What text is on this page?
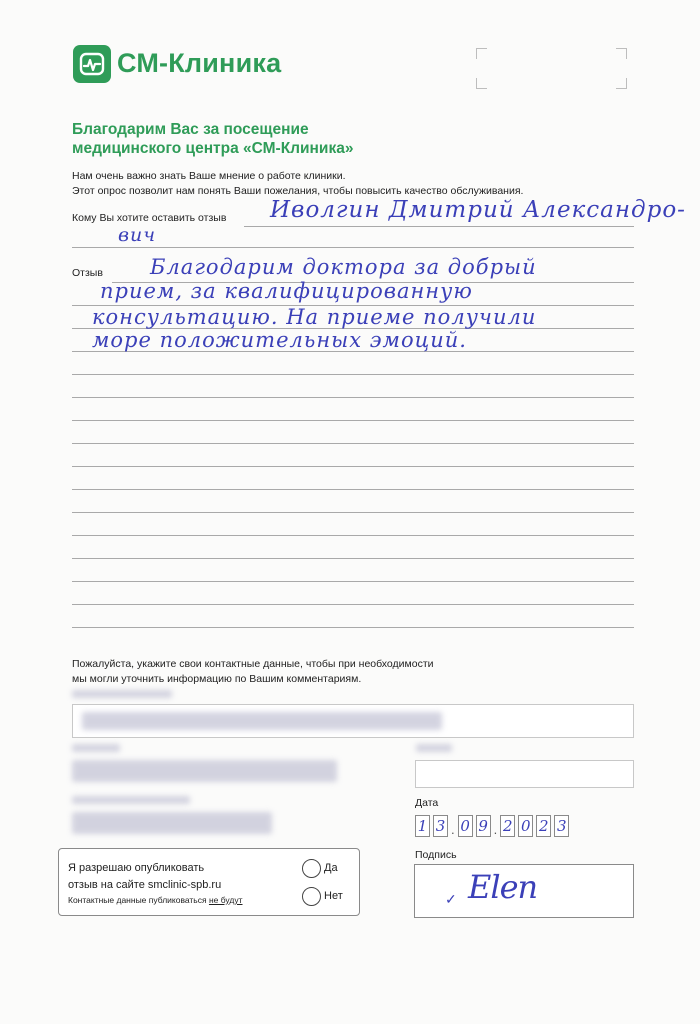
СМ-Клиника
Благодарим Вас за посещение
медицинского центра «СМ-Клиника»
Нам очень важно знать Ваше мнение о работе клиники.
Этот опрос позволит нам понять Ваши пожелания, чтобы повысить качество обслуживания.
Кому Вы хотите оставить отзыв Иволгин Дмитрий Александро-
вич
Отзыв Благодарим доктора за добрый
прием, за квалифицированную
консультацию. На приеме получили
море положительных эмоций.
Пожалуйста, укажите свои контактные данные, чтобы при необходимости
мы могли уточнить информацию по Вашим комментариям.
Дата
1 3 . 0 9 . 2 0 2 3
Подпись
Elen
✓
Я разрешаю опубликовать
отзыв на сайте smclinic-spb.ru
Контактные данные публиковаться не будут
Да
Нет
